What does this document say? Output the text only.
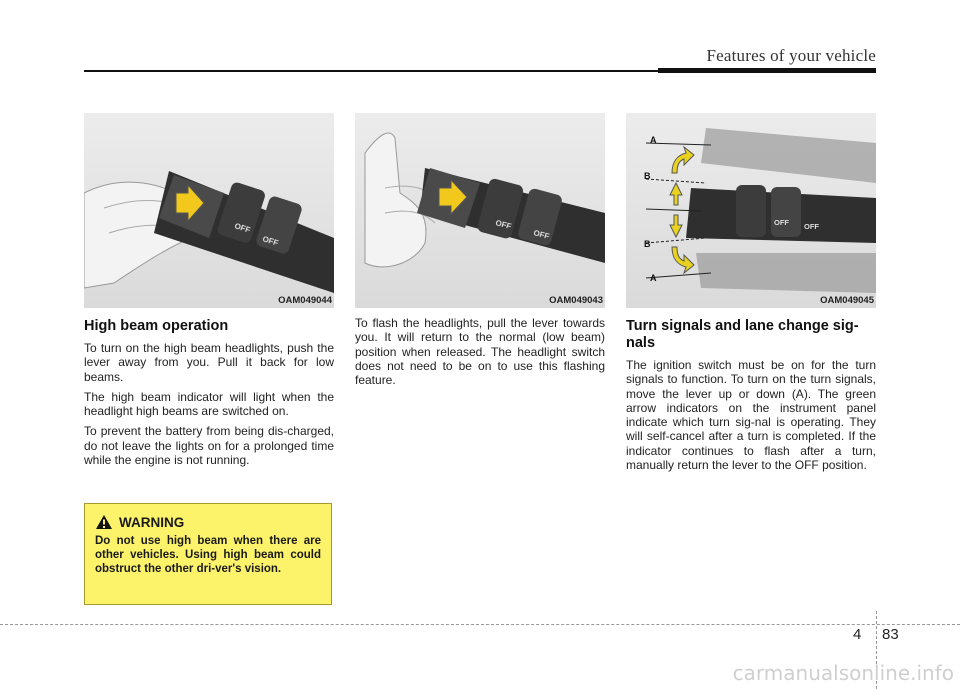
Features of your vehicle
OFF
OFF
OAM049044
High beam operation

To turn on the high beam headlights, push the lever away from you. Pull it back for low beams.

The high beam indicator will light when the headlight high beams are switched on.

To prevent the battery from being dis-charged, do not leave the lights on for a prolonged time while the engine is not running.

OFF
OFF
OAM049043

To flash the headlights, pull the lever towards you. It will return to the normal (low beam) position when released. The headlight switch does not need to be on to use this flashing feature.

OFF OFF
A
B
B
A
OAM049045
Turn signals and lane change sig-nals

The ignition switch must be on for the turn signals to function. To turn on the turn signals, move the lever up or down (A). The green arrow indicators on the instrument panel indicate which turn sig-nal is operating. They will self-cancel after a turn is completed. If the indicator continues to flash after a turn, manually return the lever to the OFF position.

WARNING
Do not use high beam when there are other vehicles. Using high beam could obstruct the other dri-ver's vision.
4 83
carmanualsonline.info
